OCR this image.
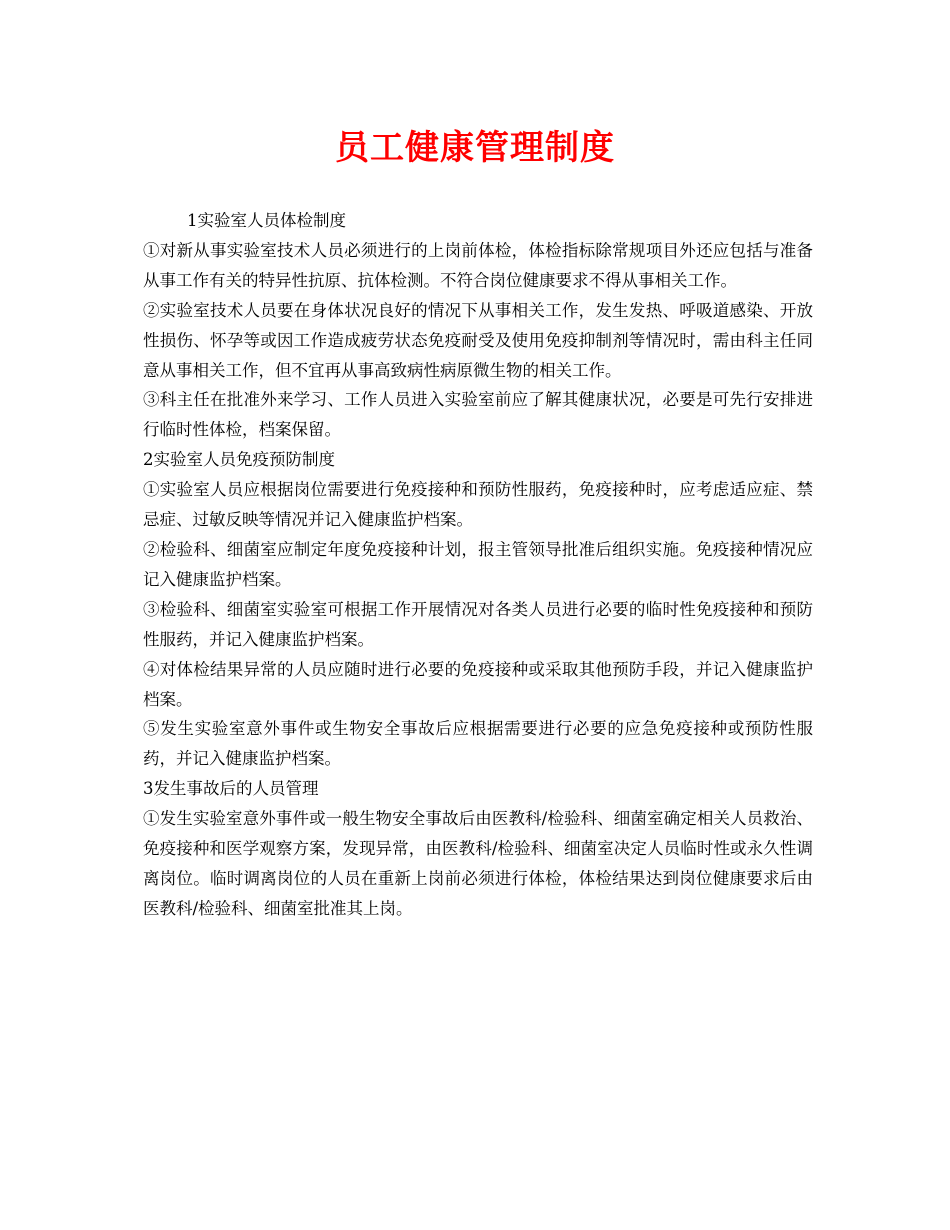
员工健康管理制度

1实验室人员体检制度

①对新从事实验室技术人员必须进行的上岗前体检，体检指标除常规项目外还应包括与准备从事工作有关的特异性抗原、抗体检测。不符合岗位健康要求不得从事相关工作。

②实验室技术人员要在身体状况良好的情况下从事相关工作，发生发热、呼吸道感染、开放性损伤、怀孕等或因工作造成疲劳状态免疫耐受及使用免疫抑制剂等情况时，需由科主任同意从事相关工作，但不宜再从事高致病性病原微生物的相关工作。

③科主任在批准外来学习、工作人员进入实验室前应了解其健康状况，必要是可先行安排进行临时性体检，档案保留。

2实验室人员免疫预防制度

①实验室人员应根据岗位需要进行免疫接种和预防性服药，免疫接种时，应考虑适应症、禁忌症、过敏反映等情况并记入健康监护档案。

②检验科、细菌室应制定年度免疫接种计划，报主管领导批准后组织实施。免疫接种情况应记入健康监护档案。

③检验科、细菌室实验室可根据工作开展情况对各类人员进行必要的临时性免疫接种和预防性服药，并记入健康监护档案。

④对体检结果异常的人员应随时进行必要的免疫接种或采取其他预防手段，并记入健康监护档案。

⑤发生实验室意外事件或生物安全事故后应根据需要进行必要的应急免疫接种或预防性服药，并记入健康监护档案。

3发生事故后的人员管理

①发生实验室意外事件或一般生物安全事故后由医教科/检验科、细菌室确定相关人员救治、免疫接种和医学观察方案，发现异常，由医教科/检验科、细菌室决定人员临时性或永久性调离岗位。临时调离岗位的人员在重新上岗前必须进行体检，体检结果达到岗位健康要求后由医教科/检验科、细菌室批准其上岗。
